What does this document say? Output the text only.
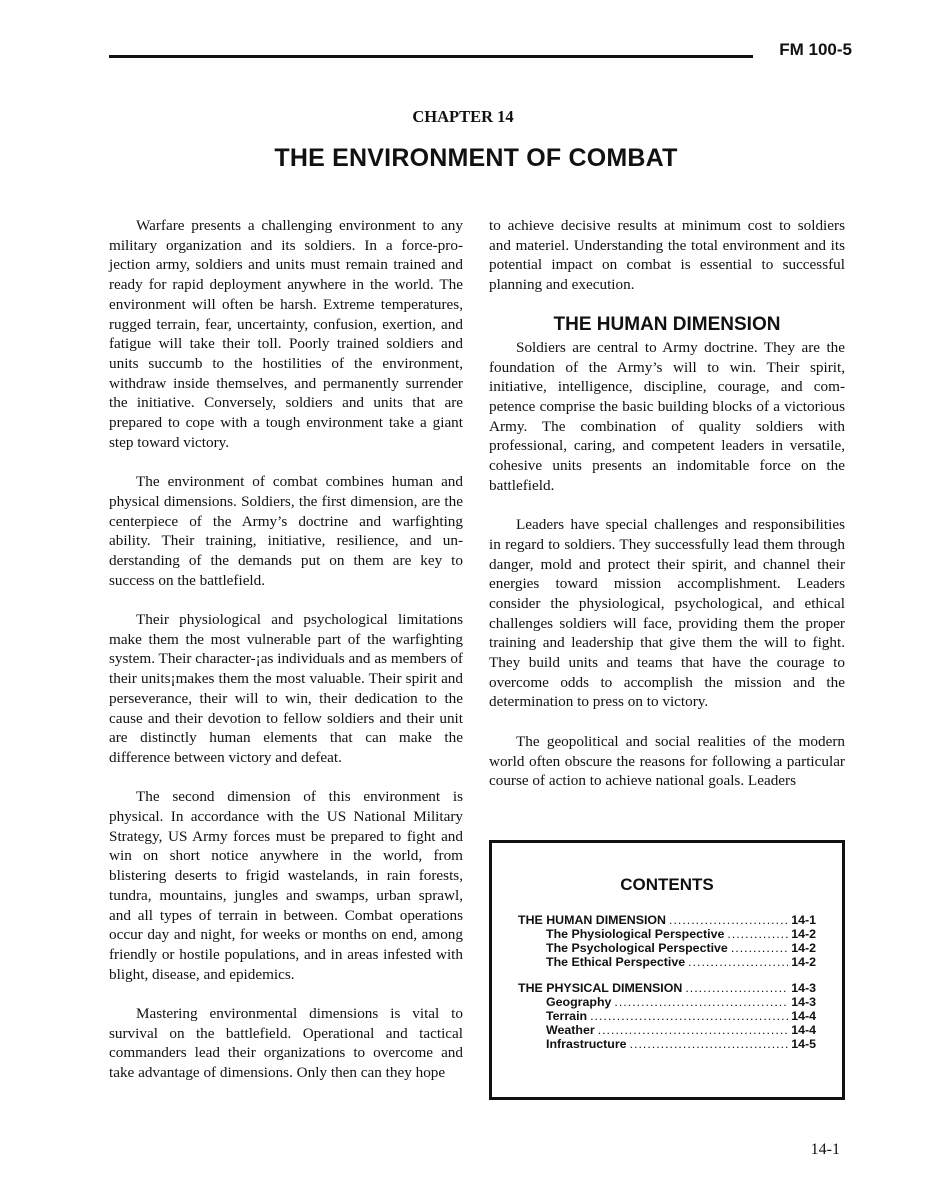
FM 100-5
CHAPTER 14
THE ENVIRONMENT OF COMBAT

Warfare presents a challenging environment to any military organization and its soldiers. In a force-projection army, soldiers and units must remain trained and ready for rapid deployment anywhere in the world. The environment will often be harsh. Extreme temperatures, rugged terrain, fear, uncertainty, confusion, exertion, and fatigue will take their toll. Poorly trained soldiers and units succumb to the hostilities of the environment, withdraw inside themselves, and permanently surrender the initiative. Conversely, soldiers and units that are prepared to cope with a tough environment take a giant step toward victory.

The environment of combat combines human and physical dimensions. Soldiers, the first dimension, are the centerpiece of the Army’s doctrine and warfighting ability. Their training, initiative, resilience, and understanding of the demands put on them are key to success on the battlefield.

Their physiological and psychological limitations make them the most vulnerable part of the warfighting system. Their character-¡as individuals and as members of their units¡makes them the most valuable. Their spirit and perseverance, their will to win, their dedication to the cause and their devotion to fellow soldiers and their unit are distinctly human elements that can make the difference between victory and defeat.

The second dimension of this environment is physical. In accordance with the US National Military Strategy, US Army forces must be prepared to fight and win on short notice anywhere in the world, from blistering deserts to frigid wastelands, in rain forests, tundra, mountains, jungles and swamps, urban sprawl, and all types of terrain in between. Combat operations occur day and night, for weeks or months on end, among friendly or hostile populations, and in areas infested with blight, disease, and epidemics.

Mastering environmental dimensions is vital to survival on the battlefield. Operational and tactical commanders lead their organizations to overcome and take advantage of dimensions. Only then can they hope

to achieve decisive results at minimum cost to soldiers and materiel. Understanding the total environment and its potential impact on combat is essential to successful planning and execution.

THE HUMAN DIMENSION

Soldiers are central to Army doctrine. They are the foundation of the Army’s will to win. Their spirit, initiative, intelligence, discipline, courage, and competence comprise the basic building blocks of a victorious Army. The combination of quality soldiers with professional, caring, and competent leaders in versatile, cohesive units presents an indomitable force on the battlefield.

Leaders have special challenges and responsibilities in regard to soldiers. They successfully lead them through danger, mold and protect their spirit, and channel their energies toward mission accomplishment. Leaders consider the physiological, psychological, and ethical challenges soldiers will face, providing them the proper training and leadership that give them the will to fight. They build units and teams that have the courage to overcome odds to accomplish the mission and the determination to press on to victory.

The geopolitical and social realities of the modern world often obscure the reasons for following a particular course of action to achieve national goals. Leaders

CONTENTS
THE HUMAN DIMENSION .....	14-1
The Physiological Perspective .....	14-2
The Psychological Perspective .....	14-2
The Ethical Perspective .....	14-2
THE PHYSICAL DIMENSION .....	14-3
Geography .....	14-3
Terrain .....	14-4
Weather .....	14-4
Infrastructure .....	14-5
14-1
